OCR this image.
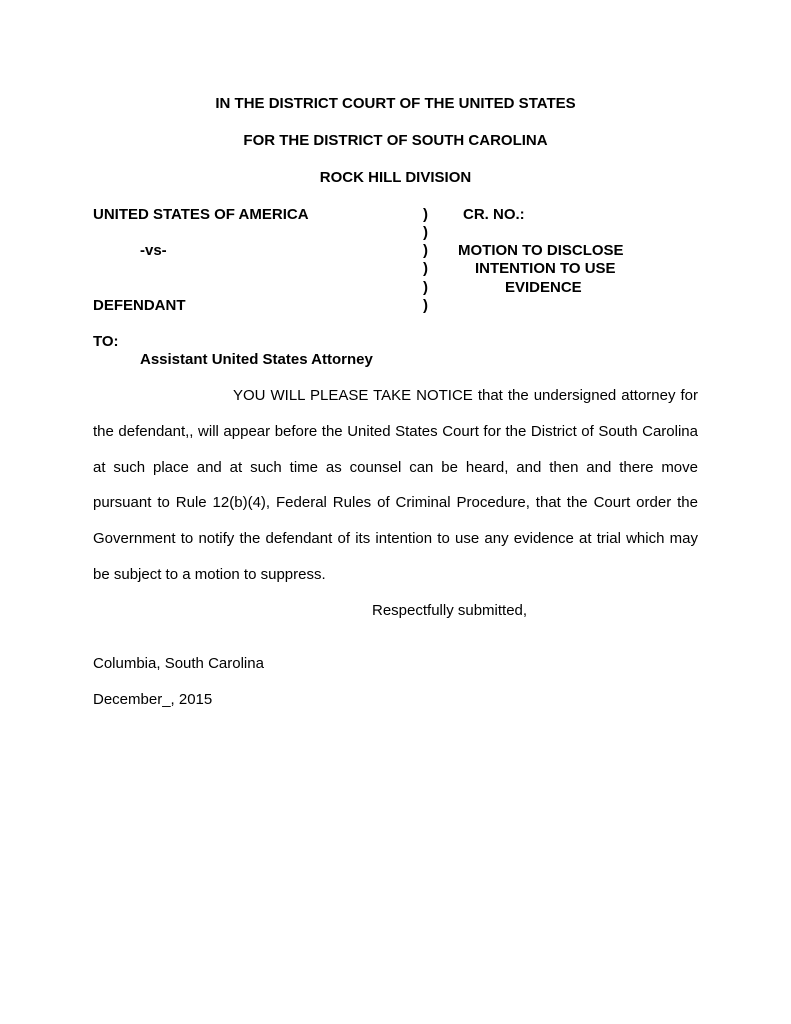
IN THE DISTRICT COURT OF THE UNITED STATES
FOR THE DISTRICT OF SOUTH CAROLINA
ROCK HILL DIVISION
UNITED STATES OF AMERICA
-vs-
DEFENDANT
)
)
)
)
)
)
CR. NO.:
MOTION TO DISCLOSE
INTENTION TO USE
EVIDENCE
TO:
Assistant United States Attorney
YOU WILL PLEASE TAKE NOTICE that the undersigned attorney for the defendant,, will appear before the United States Court for the District of South Carolina at such place and at such time as counsel can be heard, and then and there move pursuant to Rule 12(b)(4), Federal Rules of Criminal Procedure, that the Court order the Government to notify the defendant of its intention to use any evidence at trial which may be subject to a motion to suppress.
Respectfully submitted,
Columbia, South Carolina
December_, 2015
